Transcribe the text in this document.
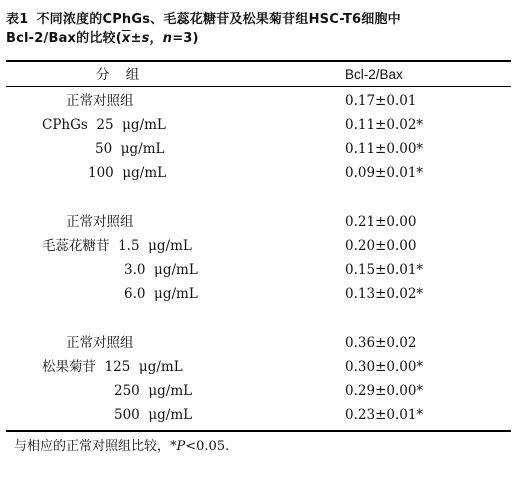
表1 不同浓度的CPhGs、毛蕊花糖苷及松果菊苷组HSC-T6细胞中
Bcl-2/Bax的比较($\overline{x}\pm s$，n=3)
分 组	Bcl-2/Bax
正常对照组	0.17±0.01
CPhGs  25  μg/mL	0.11±0.02*
50  μg/mL	0.11±0.00*
100  μg/mL	0.09±0.01*
正常对照组	0.21±0.00
毛蕊花糖苷  1.5  μg/mL	0.20±0.00
3.0  μg/mL	0.15±0.01*
6.0  μg/mL	0.13±0.02*
正常对照组	0.36±0.02
松果菊苷  125  μg/mL	0.30±0.00*
250  μg/mL	0.29±0.00*
500  μg/mL	0.23±0.01*
与相应的正常对照组比较，*P<0.05.
